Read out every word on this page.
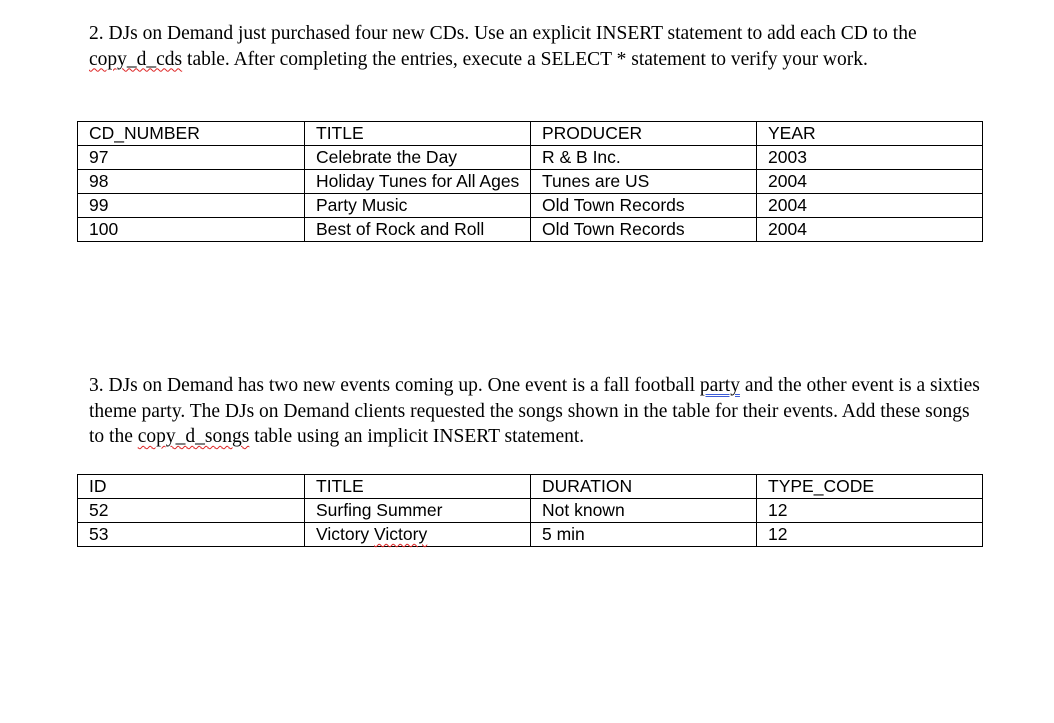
2. DJs on Demand just purchased four new CDs. Use an explicit INSERT statement to add each CD to the copy_d_cds table. After completing the entries, execute a SELECT * statement to verify your work.
CD_NUMBER	TITLE	PRODUCER	YEAR
97	Celebrate the Day	R & B Inc.	2003
98	Holiday Tunes for All Ages	Tunes are US	2004
99	Party Music	Old Town Records	2004
100	Best of Rock and Roll	Old Town Records	2004
3. DJs on Demand has two new events coming up. One event is a fall football party and the other event is a sixties theme party. The DJs on Demand clients requested the songs shown in the table for their events. Add these songs to the copy_d_songs table using an implicit INSERT statement.
ID	TITLE	DURATION	TYPE_CODE
52	Surfing Summer	Not known	12
53	Victory Victory	5 min	12
